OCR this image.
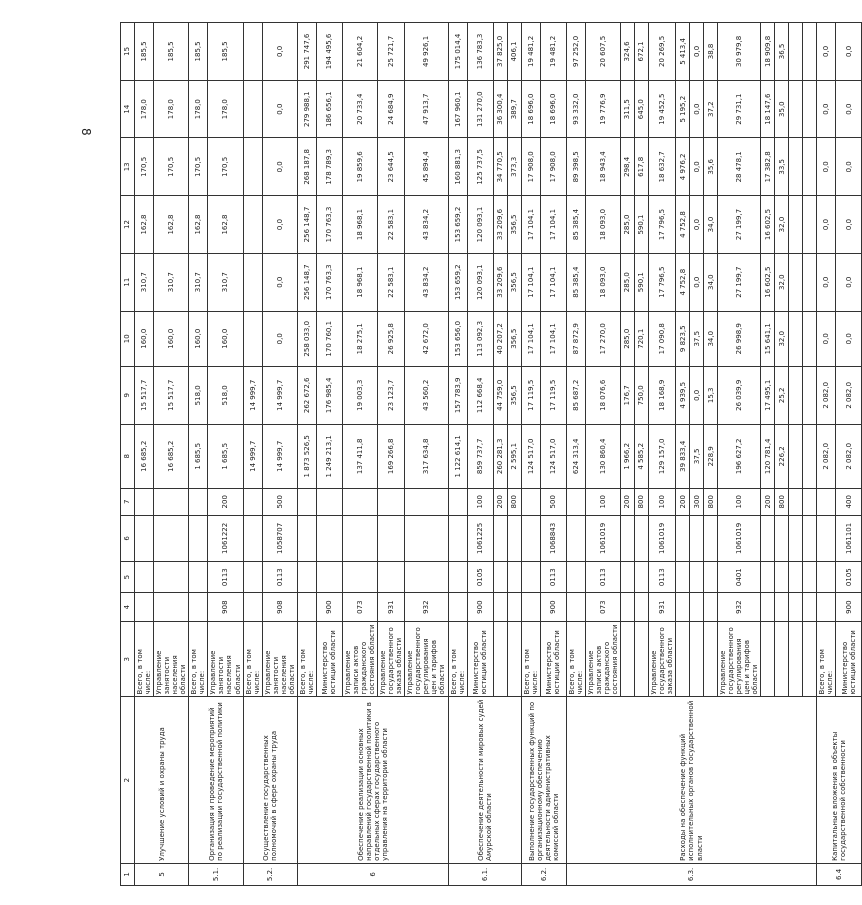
8
1	2	3	4	5	6	7	8	9	10	11	12	13	14	15
5	Улучшение условий и охраны труда	Всего, в том числе:					16 685,2	15 517,7	160,0	310,7	162,8	170,5	178,0	185,5
		Управление занятости населения области					16 685,2	15 517,7	160,0	310,7	162,8	170,5	178,0	185,5
5.1.	Организация и проведение мероприятий по реализации государственной политики	Всего, в том числе:					1 685,5	518,0	160,0	310,7	162,8	170,5	178,0	185,5
		Управление занятости населения области	908	0113	1061222	200	1 685,5	518,0	160,0	310,7	162,8	170,5	178,0	185,5
5.2.	Осуществление государственных полномочий в сфере охраны труда	Всего, в том числе:					14 999,7	14 999,7						
		Управление занятости населения области	908	0113	1058707	500	14 999,7	14 999,7	0,0	0,0	0,0	0,0	0,0	0,0
6	Обеспечение реализации основных направлений государственной политики в отдельных сферах государственного управления на территории области	Всего, в том числе:					1 873 526,5	262 672,6	258 033,0	256 148,7	256 148,7	268 187,8	279 988,1	291 747,6
		Министерство юстиции области	900				1 249 213,1	176 985,4	170 760,1	170 763,3	170 763,3	178 789,3	186 656,1	194 495,6
		Управление записи актов гражданского состояния области	073				137 411,8	19 003,3	18 275,1	18 968,1	18 968,1	19 859,6	20 733,4	21 604,2
		Управление государственного заказа области	931				169 266,8	23 123,7	26 925,8	22 583,1	22 583,1	23 644,5	24 684,9	25 721,7
		Управление государственного регулирования цен и тарифов области	932				317 634,8	43 560,2	42 672,0	43 834,2	43 834,2	45 894,4	47 913,7	49 926,1
6.1.	Обеспечение деятельности мировых судей Амурской области	Всего, в том числе:					1 122 614,1	157 783,9	153 656,0	153 659,2	153 659,2	160 881,3	167 960,1	175 014,4
		Министерство юстиции области	900	0105	1061225	100	859 737,7	112 668,4	113 092,3	120 093,1	120 093,1	125 737,5	131 270,0	136 783,3
						200	260 281,3	44 759,0	40 207,2	33 209,6	33 209,6	34 770,5	36 300,4	37 825,0
						800	2 595,1	356,5	356,5	356,5	356,5	373,3	389,7	406,1
6.2.	Выполнение государственных функций по организационному обеспечению деятельности административных комиссий области	Всего, в том числе:					124 517,0	17 119,5	17 104,1	17 104,1	17 104,1	17 908,0	18 696,0	19 481,2
		Министерство юстиции области	900	0113	1068843	500	124 517,0	17 119,5	17 104,1	17 104,1	17 104,1	17 908,0	18 696,0	19 481,2
6.3.	Расходы на обеспечение функций исполнительных органов государственной власти	Всего, в том числе:					624 313,4	85 687,2	87 872,9	85 385,4	85 385,4	89 398,5	93 332,0	97 252,0
		Управление записи актов гражданского состояния области	073	0113	1061019	100	130 860,4	18 076,6	17 270,0	18 093,0	18 093,0	18 943,4	19 776,9	20 607,5
						200	1 966,2	176,7	285,0	285,0	285,0	298,4	311,5	324,6
						800	4 585,2	750,0	720,1	590,1	590,1	617,8	645,0	672,1
		Управление государственного заказа области	931	0113	1061019	100	129 157,0	18 168,9	17 090,8	17 796,5	17 796,5	18 632,7	19 452,5	20 269,5
						200	39 833,4	4 939,5	9 823,5	4 752,8	4 752,8	4 976,2	5 195,2	5 413,4
						300	37,5	0,0	37,5	0,0	0,0	0,0	0,0	0,0
						800	228,9	15,3	34,0	34,0	34,0	35,6	37,2	38,8
		Управление государственного регулирования цен и тарифов области	932	0401	1061019	100	196 627,2	26 039,9	26 998,9	27 199,7	27 199,7	28 478,1	29 731,1	30 979,8
						200	120 781,4	17 495,1	15 641,1	16 602,5	16 602,5	17 382,8	18 147,6	18 909,8
						800	226,2	25,2	32,0	32,0	32,0	33,5	35,0	36,5

6.4	Капитальные вложения в объекты государственной собственности	Всего, в том числе:					2 082,0	2 082,0	0,0	0,0	0,0	0,0	0,0	0,0
		Министерство юстиции области	900	0105	1061101	400	2 082,0	2 082,0	0,0	0,0	0,0	0,0	0,0	0,0
